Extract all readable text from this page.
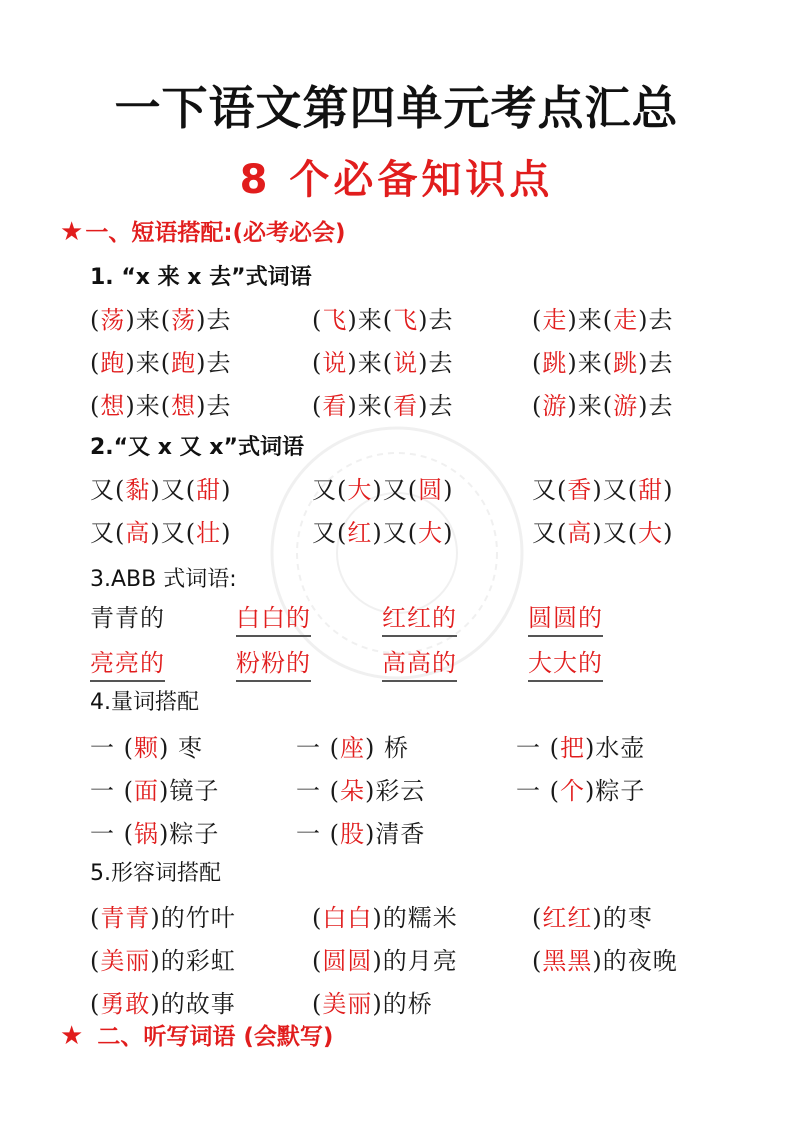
一下语文第四单元考点汇总
8 个必备知识点
★一、短语搭配:(必考必会)
1. “x 来 x 去”式词语
(荡)来(荡)去	(飞)来(飞)去	(走)来(走)去
(跑)来(跑)去	(说)来(说)去	(跳)来(跳)去
(想)来(想)去	(看)来(看)去	(游)来(游)去
2.“又 x 又 x”式词语
又(黏)又(甜)	又(大)又(圆)	又(香)又(甜)
又(高)又(壮)	又(红)又(大)	又(高)又(大)
3.ABB 式词语:
青青的	白白的	红红的	圆圆的
亮亮的	粉粉的	高高的	大大的
4.量词搭配
一 (颗) 枣	一 (座) 桥	一 (把)水壶
一 (面)镜子	一 (朵)彩云	一 (个)粽子
一 (锅)粽子	一 (股)清香
5.形容词搭配
(青青)的竹叶	(白白)的糯米	(红红)的枣
(美丽)的彩虹	(圆圆)的月亮	(黑黑)的夜晚
(勇敢)的故事	(美丽)的桥
★ 二、听写词语 (会默写)
